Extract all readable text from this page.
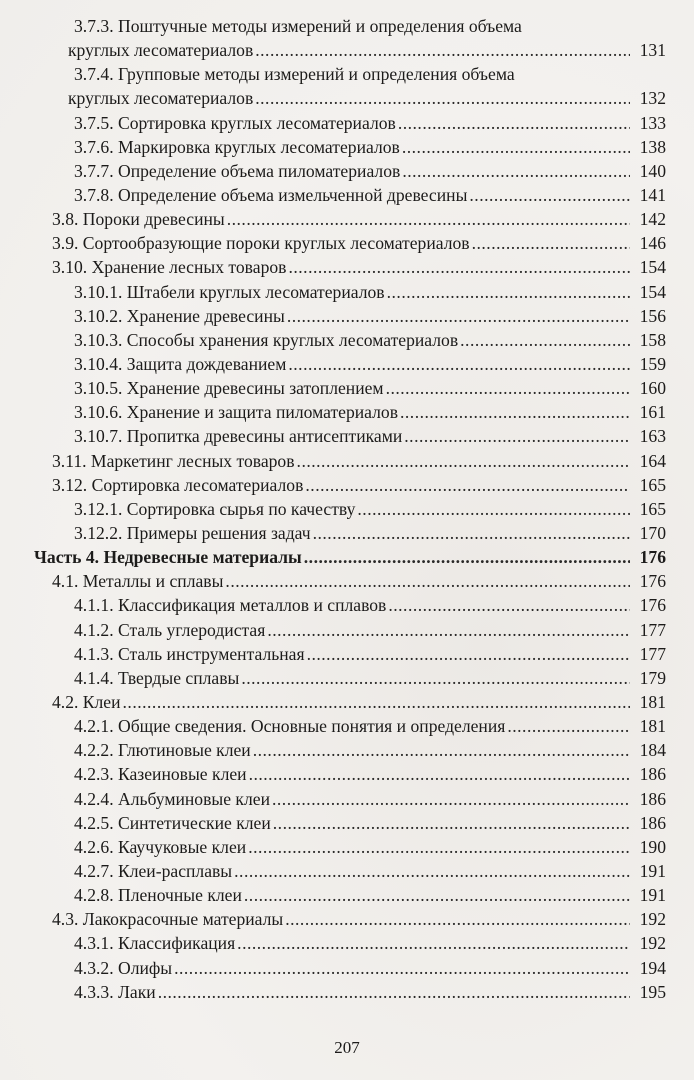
3.7.3. Поштучные методы измерений и определения объема
круглых лесоматериалов .....	131
3.7.4. Групповые методы измерений и определения объема
круглых лесоматериалов .....	132
3.7.5. Сортировка круглых лесоматериалов .....	133
3.7.6. Маркировка круглых лесоматериалов .....	138
3.7.7. Определение объема пиломатериалов .....	140
3.7.8. Определение объема измельченной древесины .....	141
3.8. Пороки древесины .....	142
3.9. Сортообразующие пороки круглых лесоматериалов .....	146
3.10. Хранение лесных товаров .....	154
3.10.1. Штабели круглых лесоматериалов .....	154
3.10.2. Хранение древесины .....	156
3.10.3. Способы хранения круглых лесоматериалов .....	158
3.10.4. Защита дождеванием .....	159
3.10.5. Хранение древесины затоплением .....	160
3.10.6. Хранение и защита пиломатериалов .....	161
3.10.7. Пропитка древесины антисептиками .....	163
3.11. Маркетинг лесных товаров .....	164
3.12. Сортировка лесоматериалов .....	165
3.12.1. Сортировка сырья по качеству .....	165
3.12.2. Примеры решения задач .....	170
Часть 4. Недревесные материалы .....	176
4.1. Металлы и сплавы .....	176
4.1.1. Классификация металлов и сплавов .....	176
4.1.2. Сталь углеродистая .....	177
4.1.3. Сталь инструментальная .....	177
4.1.4. Твердые сплавы .....	179
4.2. Клеи .....	181
4.2.1. Общие сведения. Основные понятия и определения .....	181
4.2.2. Глютиновые клеи .....	184
4.2.3. Казеиновые клеи .....	186
4.2.4. Альбуминовые клеи .....	186
4.2.5. Синтетические клеи .....	186
4.2.6. Каучуковые клеи .....	190
4.2.7. Клеи-расплавы .....	191
4.2.8. Пленочные клеи .....	191
4.3. Лакокрасочные материалы .....	192
4.3.1. Классификация .....	192
4.3.2. Олифы .....	194
4.3.3. Лаки .....	195
207
